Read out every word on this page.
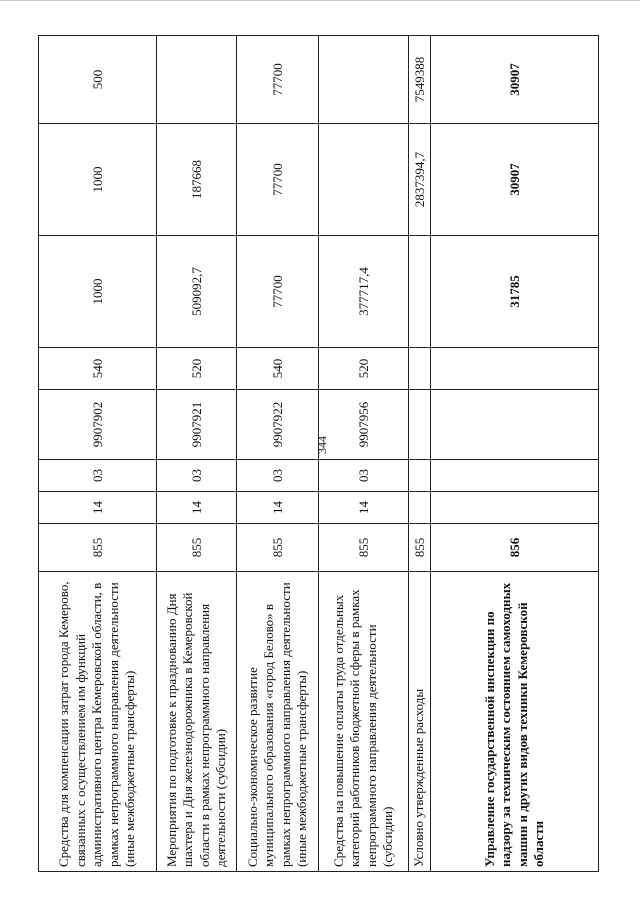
344
Средства для компенсации затрат города Кемерово, связанных с осуществлением им функций административного центра Кемеровской области, в рамках непрограммного направления деятельности (иные межбюджетные трансферты)	855	14	03	9907902	540	1000	1000	500
Мероприятия по подготовке к празднованию Дня шахтера и Дня железнодорожника в Кемеровской области в рамках непрограммного направления деятельности (субсидии)	855	14	03	9907921	520	509092,7	187668	
Социально-экономическое развитие муниципального образования «город Белово» в рамках непрограммного направления деятельности (иные межбюджетные трансферты)	855	14	03	9907922	540	77700	77700	77700
Средства на повышение оплаты труда отдельных категорий работников бюджетной сферы в рамках непрограммного направления деятельности (субсидии)	855	14	03	9907956	520	377717,4		
Условно утвержденные расходы	855						2837394,7	7549388
Управление государственной инспекции по надзору за техническим состоянием самоходных машин и других видов техники Кемеровской области	856					31785	30907	30907
